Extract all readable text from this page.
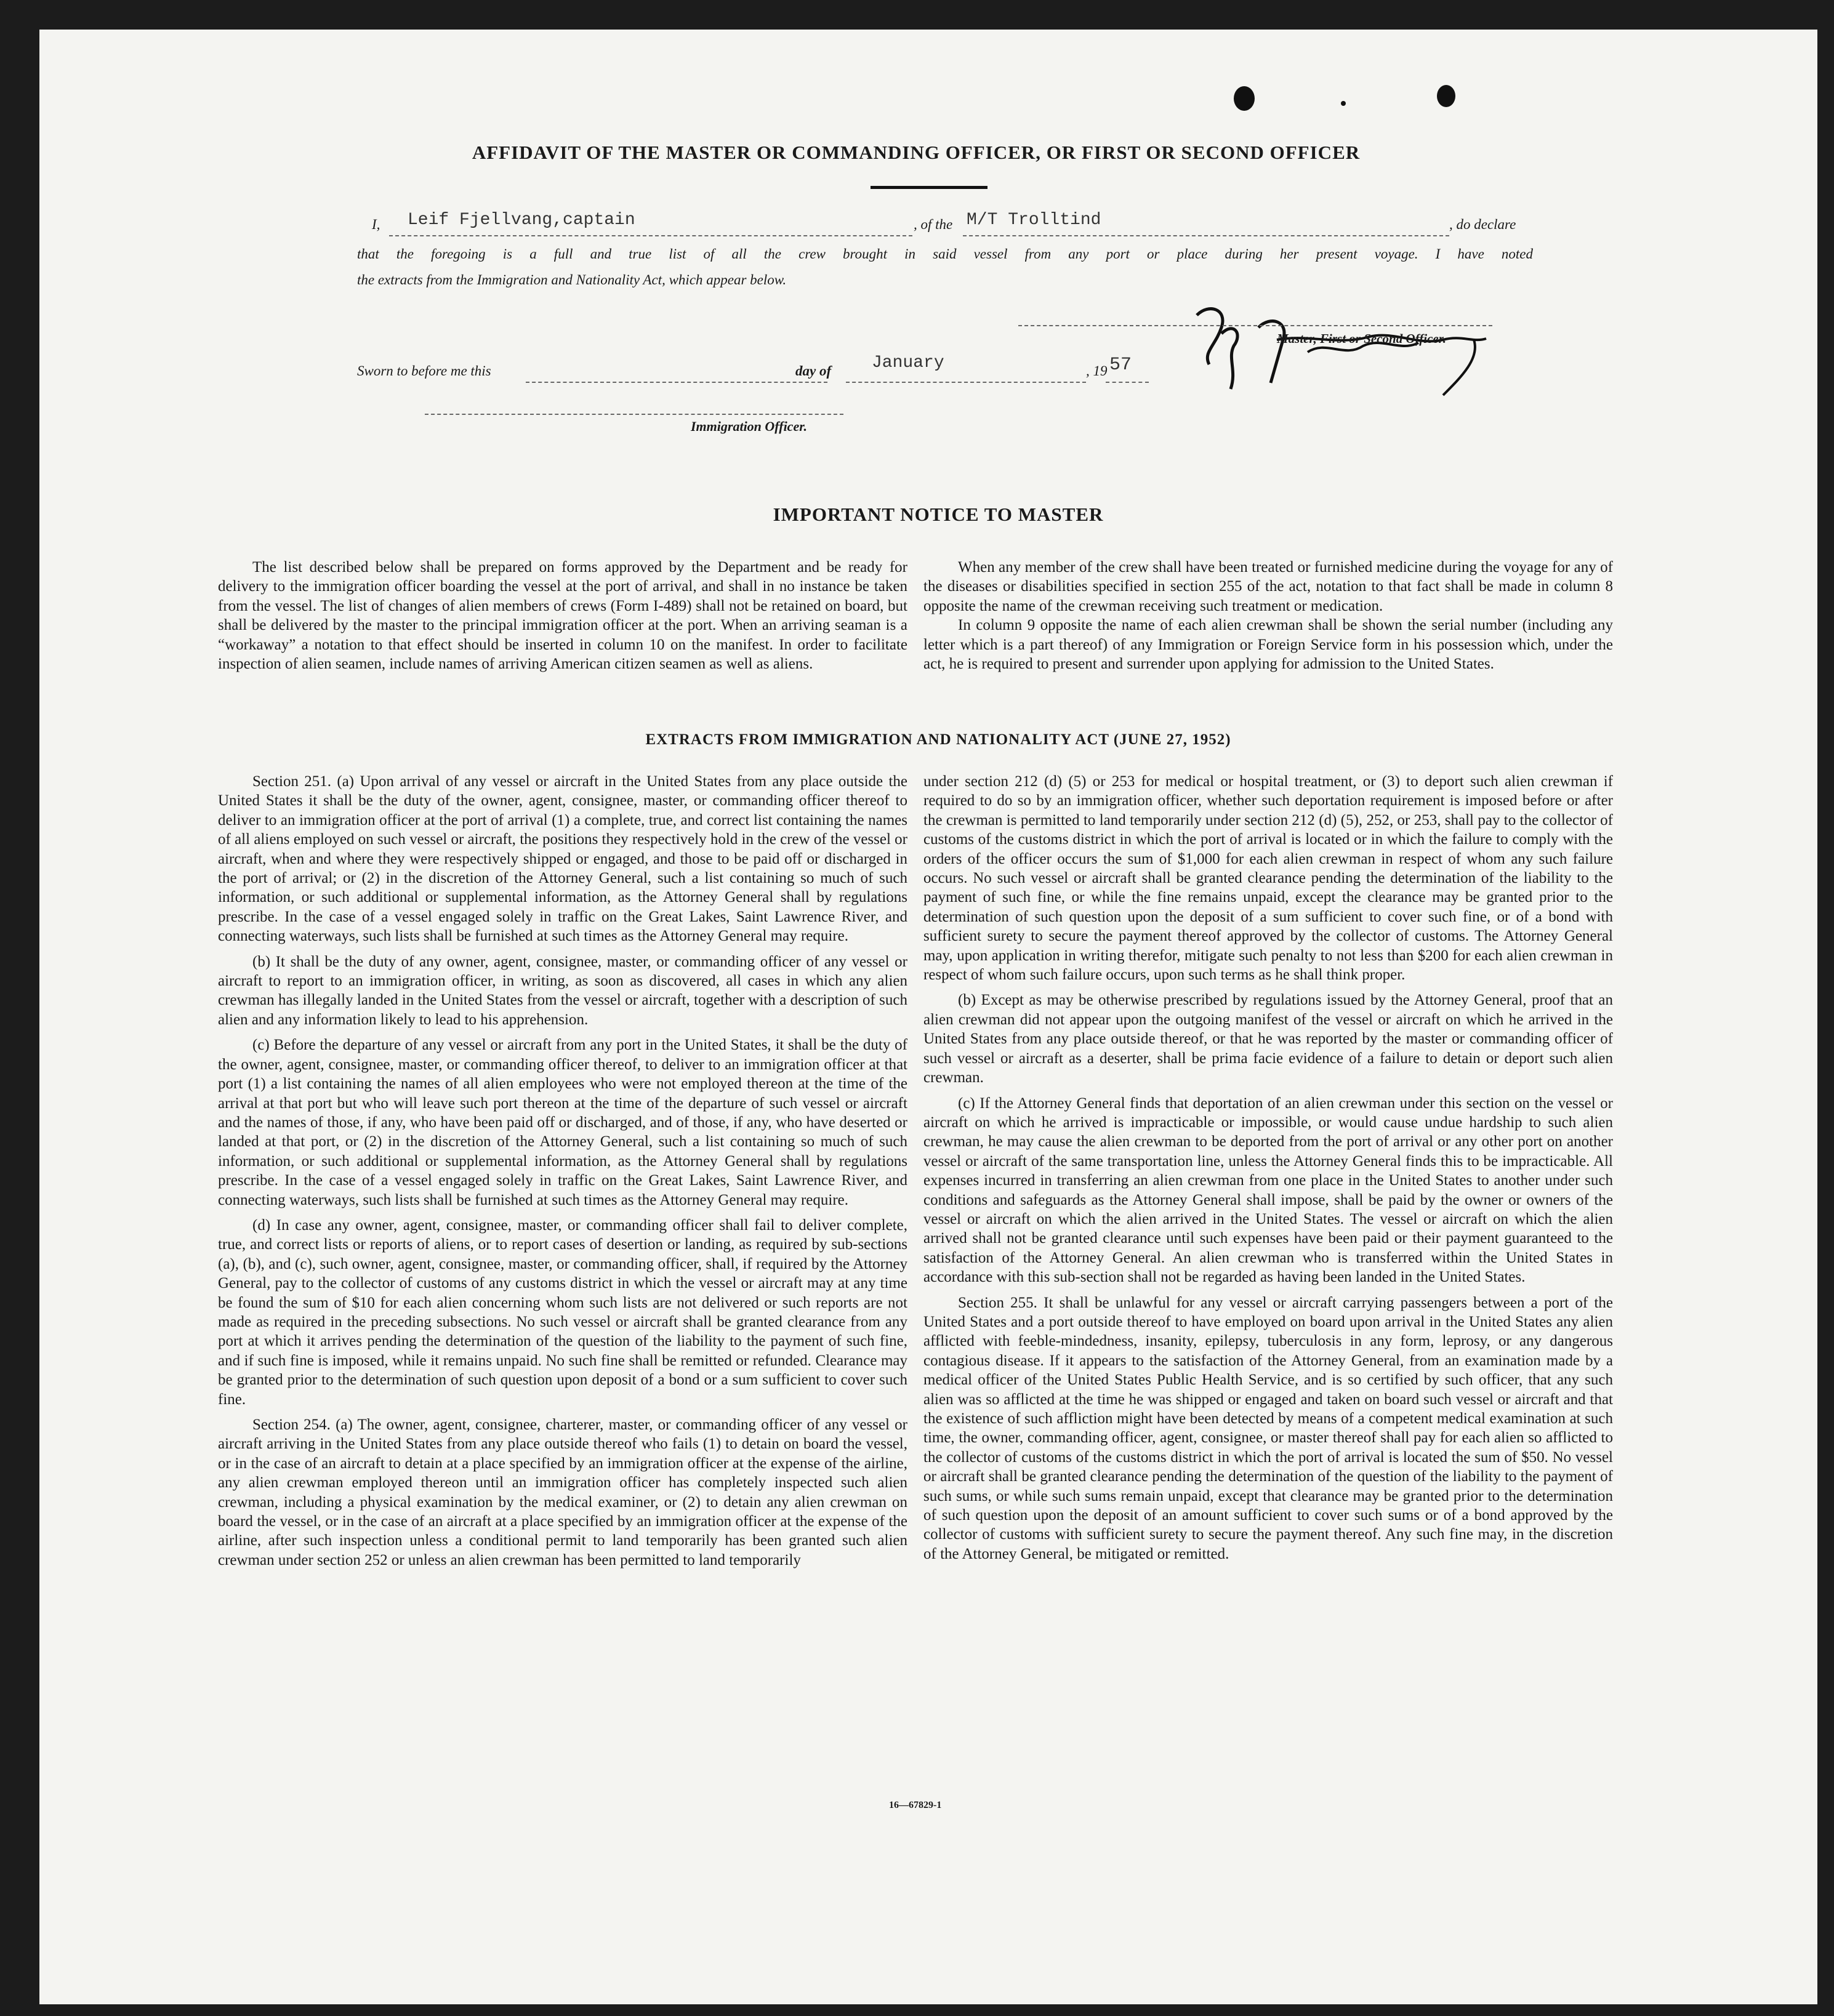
AFFIDAVIT OF THE MASTER OR COMMANDING OFFICER, OR FIRST OR SECOND OFFICER
I, Leif Fjellvang,captain	, of the M/T Trolltind	, do declare
that the foregoing is a full and true list of all the crew brought in said vessel from any port or place during her present voyage. I have noted
the extracts from the Immigration and Nationality Act, which appear below.
Master, First or Second Officer.
Sworn to before me this	day of January	, 19 57
Immigration Officer.
IMPORTANT NOTICE TO MASTER

The list described below shall be prepared on forms approved by the Department and be ready for delivery to the immigration officer boarding the vessel at the port of arrival, and shall in no instance be taken from the vessel. The list of changes of alien members of crews (Form I-489) shall not be retained on board, but shall be delivered by the master to the principal immigration officer at the port. When an arriving seaman is a “workaway” a notation to that effect should be inserted in column 10 on the manifest. In order to facilitate inspection of alien seamen, include names of arriving American citizen seamen as well as aliens.

When any member of the crew shall have been treated or furnished medicine during the voyage for any of the diseases or disabilities specified in section 255 of the act, notation to that fact shall be made in column 8 opposite the name of the crewman receiving such treatment or medication.

In column 9 opposite the name of each alien crewman shall be shown the serial number (including any letter which is a part thereof) of any Immigration or Foreign Service form in his possession which, under the act, he is required to present and surrender upon applying for admission to the United States.

EXTRACTS FROM IMMIGRATION AND NATIONALITY ACT (JUNE 27, 1952)

Section 251. (a) Upon arrival of any vessel or aircraft in the United States from any place outside the United States it shall be the duty of the owner, agent, consignee, master, or commanding officer thereof to deliver to an immigration officer at the port of arrival (1) a complete, true, and correct list containing the names of all aliens employed on such vessel or aircraft, the positions they respectively hold in the crew of the vessel or aircraft, when and where they were respectively shipped or engaged, and those to be paid off or discharged in the port of arrival; or (2) in the discretion of the Attorney General, such a list containing so much of such information, or such additional or supplemental information, as the Attorney General shall by regulations prescribe. In the case of a vessel engaged solely in traffic on the Great Lakes, Saint Lawrence River, and connecting waterways, such lists shall be furnished at such times as the Attorney General may require.

(b) It shall be the duty of any owner, agent, consignee, master, or commanding officer of any vessel or aircraft to report to an immigration officer, in writing, as soon as discovered, all cases in which any alien crewman has illegally landed in the United States from the vessel or aircraft, together with a description of such alien and any information likely to lead to his apprehension.

(c) Before the departure of any vessel or aircraft from any port in the United States, it shall be the duty of the owner, agent, consignee, master, or commanding officer thereof, to deliver to an immigration officer at that port (1) a list containing the names of all alien employees who were not employed thereon at the time of the arrival at that port but who will leave such port thereon at the time of the departure of such vessel or aircraft and the names of those, if any, who have been paid off or discharged, and of those, if any, who have deserted or landed at that port, or (2) in the discretion of the Attorney General, such a list containing so much of such information, or such additional or supplemental information, as the Attorney General shall by regulations prescribe. In the case of a vessel engaged solely in traffic on the Great Lakes, Saint Lawrence River, and connecting waterways, such lists shall be furnished at such times as the Attorney General may require.

(d) In case any owner, agent, consignee, master, or commanding officer shall fail to deliver complete, true, and correct lists or reports of aliens, or to report cases of desertion or landing, as required by sub-sections (a), (b), and (c), such owner, agent, consignee, master, or commanding officer, shall, if required by the Attorney General, pay to the collector of customs of any customs district in which the vessel or aircraft may at any time be found the sum of $10 for each alien concerning whom such lists are not delivered or such reports are not made as required in the preceding subsections. No such vessel or aircraft shall be granted clearance from any port at which it arrives pending the determination of the question of the liability to the payment of such fine, and if such fine is imposed, while it remains unpaid. No such fine shall be remitted or refunded. Clearance may be granted prior to the determination of such question upon deposit of a bond or a sum sufficient to cover such fine.

Section 254. (a) The owner, agent, consignee, charterer, master, or commanding officer of any vessel or aircraft arriving in the United States from any place outside thereof who fails (1) to detain on board the vessel, or in the case of an aircraft to detain at a place specified by an immigration officer at the expense of the airline, any alien crewman employed thereon until an immigration officer has completely inspected such alien crewman, including a physical examination by the medical examiner, or (2) to detain any alien crewman on board the vessel, or in the case of an aircraft at a place specified by an immigration officer at the expense of the airline, after such inspection unless a conditional permit to land temporarily has been granted such alien crewman under section 252 or unless an alien crewman has been permitted to land temporarily

under section 212 (d) (5) or 253 for medical or hospital treatment, or (3) to deport such alien crewman if required to do so by an immigration officer, whether such deportation requirement is imposed before or after the crewman is permitted to land temporarily under section 212 (d) (5), 252, or 253, shall pay to the collector of customs of the customs district in which the port of arrival is located or in which the failure to comply with the orders of the officer occurs the sum of $1,000 for each alien crewman in respect of whom any such failure occurs. No such vessel or aircraft shall be granted clearance pending the determination of the liability to the payment of such fine, or while the fine remains unpaid, except the clearance may be granted prior to the determination of such question upon the deposit of a sum sufficient to cover such fine, or of a bond with sufficient surety to secure the payment thereof approved by the collector of customs. The Attorney General may, upon application in writing therefor, mitigate such penalty to not less than $200 for each alien crewman in respect of whom such failure occurs, upon such terms as he shall think proper.

(b) Except as may be otherwise prescribed by regulations issued by the Attorney General, proof that an alien crewman did not appear upon the outgoing manifest of the vessel or aircraft on which he arrived in the United States from any place outside thereof, or that he was reported by the master or commanding officer of such vessel or aircraft as a deserter, shall be prima facie evidence of a failure to detain or deport such alien crewman.

(c) If the Attorney General finds that deportation of an alien crewman under this section on the vessel or aircraft on which he arrived is impracticable or impossible, or would cause undue hardship to such alien crewman, he may cause the alien crewman to be deported from the port of arrival or any other port on another vessel or aircraft of the same transportation line, unless the Attorney General finds this to be impracticable. All expenses incurred in transferring an alien crewman from one place in the United States to another under such conditions and safeguards as the Attorney General shall impose, shall be paid by the owner or owners of the vessel or aircraft on which the alien arrived in the United States. The vessel or aircraft on which the alien arrived shall not be granted clearance until such expenses have been paid or their payment guaranteed to the satisfaction of the Attorney General. An alien crewman who is transferred within the United States in accordance with this sub-section shall not be regarded as having been landed in the United States.

Section 255. It shall be unlawful for any vessel or aircraft carrying passengers between a port of the United States and a port outside thereof to have employed on board upon arrival in the United States any alien afflicted with feeble-mindedness, insanity, epilepsy, tuberculosis in any form, leprosy, or any dangerous contagious disease. If it appears to the satisfaction of the Attorney General, from an examination made by a medical officer of the United States Public Health Service, and is so certified by such officer, that any such alien was so afflicted at the time he was shipped or engaged and taken on board such vessel or aircraft and that the existence of such affliction might have been detected by means of a competent medical examination at such time, the owner, commanding officer, agent, consignee, or master thereof shall pay for each alien so afflicted to the collector of customs of the customs district in which the port of arrival is located the sum of $50. No vessel or aircraft shall be granted clearance pending the determination of the question of the liability to the payment of such sums, or while such sums remain unpaid, except that clearance may be granted prior to the determination of such question upon the deposit of an amount sufficient to cover such sums or of a bond approved by the collector of customs with sufficient surety to secure the payment thereof. Any such fine may, in the discretion of the Attorney General, be mitigated or remitted.

16—67829-1
